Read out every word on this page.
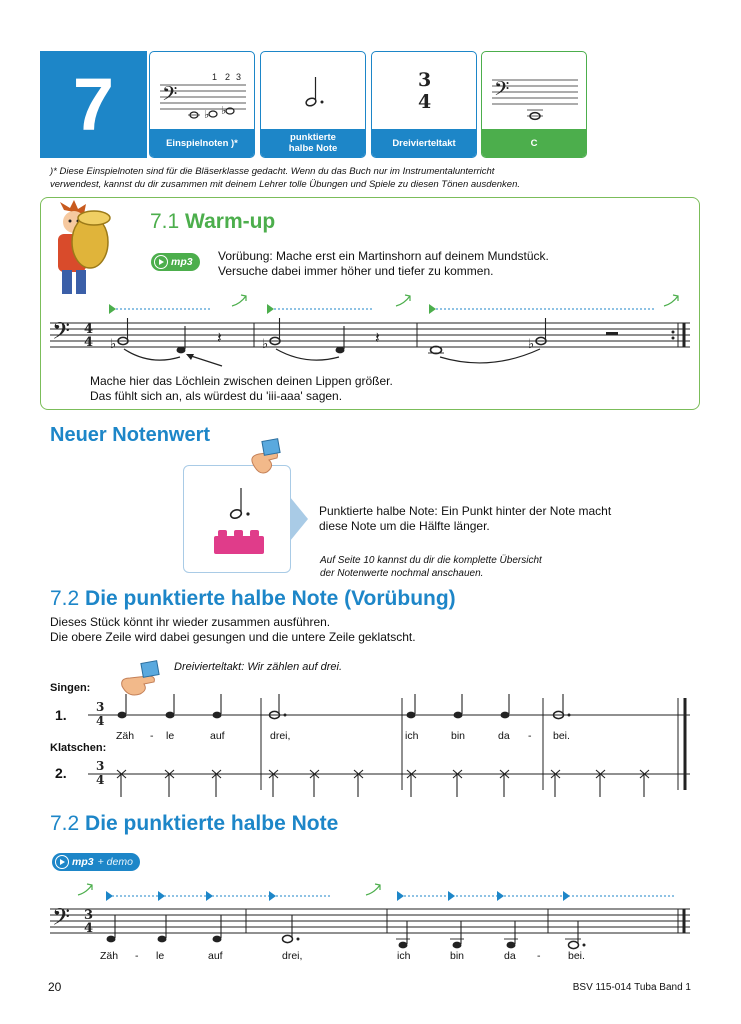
7	𝄢
♭ ♭
1 2 3
Einspielnoten )*	punktierte
halbe Note
3
4
Dreivierteltakt
𝄢
C
)* Diese Einspielnoten sind für die Bläserklasse gedacht. Wenn du das Buch nur im Instrumentalunterricht
verwendest, kannst du dir zusammen mit deinem Lehrer tolle Übungen und Spiele zu diesen Tönen ausdenken.
7.1 Warm-up
mp3 Vorübung: Mache erst ein Martinshorn auf deinem Mundstück.
Versuche dabei immer höher und tiefer zu kommen.
𝄢 4
4 ♭	𝄽	♭	𝄽	♭
Mache hier das Löchlein zwischen deinen Lippen größer.
Das fühlt sich an, als würdest du 'iii-aaa' sagen.
Neuer Notenwert
Punktierte halbe Note: Ein Punkt hinter der Note macht
diese Note um die Hälfte länger.
Auf Seite 10 kannst du dir die komplette Übersicht
der Notenwerte nochmal anschauen.
7.2 Die punktierte halbe Note (Vorübung)
Dieses Stück könnt ihr wieder zusammen ausführen.
Die obere Zeile wird dabei gesungen und die untere Zeile geklatscht.
Dreivierteltakt: Wir zählen auf drei.
Singen:
1.
Klatschen:
2.
3
4
3
4
Zäh - le	auf	drei,	ich	bin	da - bei.
7.2 Die punktierte halbe Note
mp3 + demo
𝄢 3
4
Zäh - le	auf	drei,	ich	bin	da -	bei.
20	BSV 115-014 Tuba Band 1
